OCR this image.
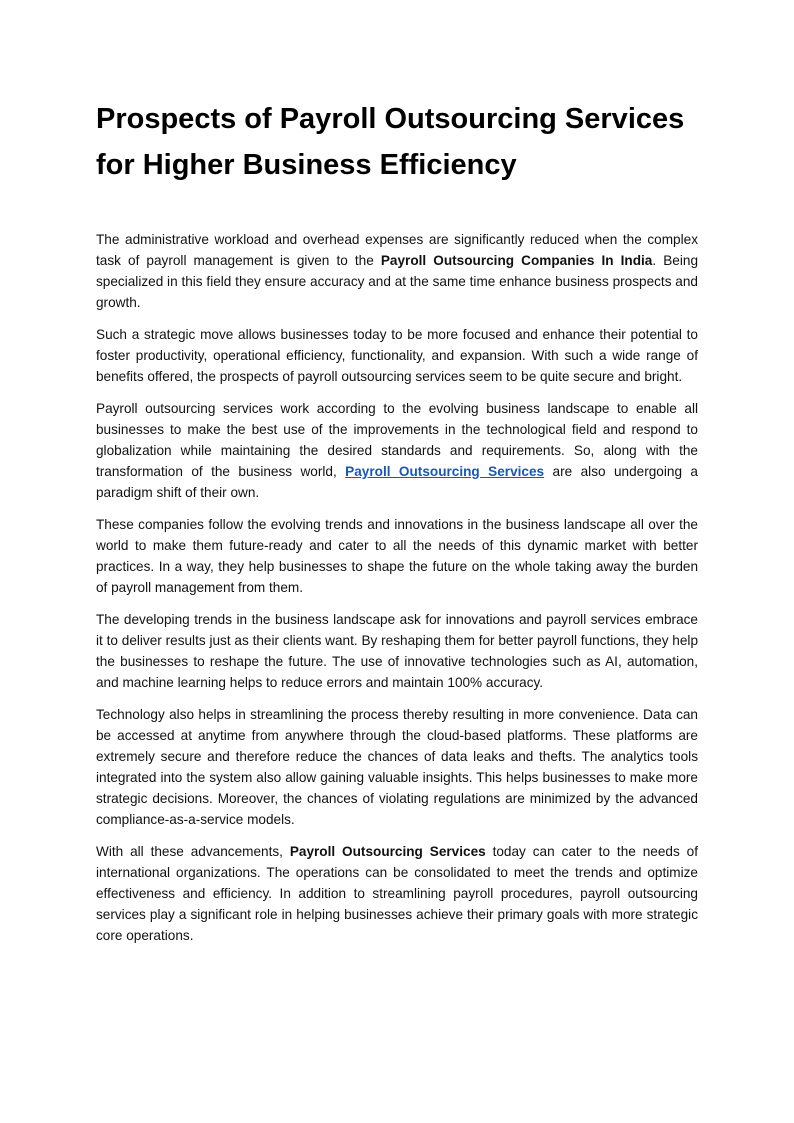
Prospects of Payroll Outsourcing Services for Higher Business Efficiency

The administrative workload and overhead expenses are significantly reduced when the complex task of payroll management is given to the Payroll Outsourcing Companies In India. Being specialized in this field they ensure accuracy and at the same time enhance business prospects and growth.

Such a strategic move allows businesses today to be more focused and enhance their potential to foster productivity, operational efficiency, functionality, and expansion. With such a wide range of benefits offered, the prospects of payroll outsourcing services seem to be quite secure and bright.

Payroll outsourcing services work according to the evolving business landscape to enable all businesses to make the best use of the improvements in the technological field and respond to globalization while maintaining the desired standards and requirements. So, along with the transformation of the business world, Payroll Outsourcing Services are also undergoing a paradigm shift of their own.

These companies follow the evolving trends and innovations in the business landscape all over the world to make them future-ready and cater to all the needs of this dynamic market with better practices. In a way, they help businesses to shape the future on the whole taking away the burden of payroll management from them.

The developing trends in the business landscape ask for innovations and payroll services embrace it to deliver results just as their clients want. By reshaping them for better payroll functions, they help the businesses to reshape the future. The use of innovative technologies such as AI, automation, and machine learning helps to reduce errors and maintain 100% accuracy.

Technology also helps in streamlining the process thereby resulting in more convenience. Data can be accessed at anytime from anywhere through the cloud-based platforms. These platforms are extremely secure and therefore reduce the chances of data leaks and thefts. The analytics tools integrated into the system also allow gaining valuable insights. This helps businesses to make more strategic decisions. Moreover, the chances of violating regulations are minimized by the advanced compliance-as-a-service models.

With all these advancements, Payroll Outsourcing Services today can cater to the needs of international organizations. The operations can be consolidated to meet the trends and optimize effectiveness and efficiency. In addition to streamlining payroll procedures, payroll outsourcing services play a significant role in helping businesses achieve their primary goals with more strategic core operations.
